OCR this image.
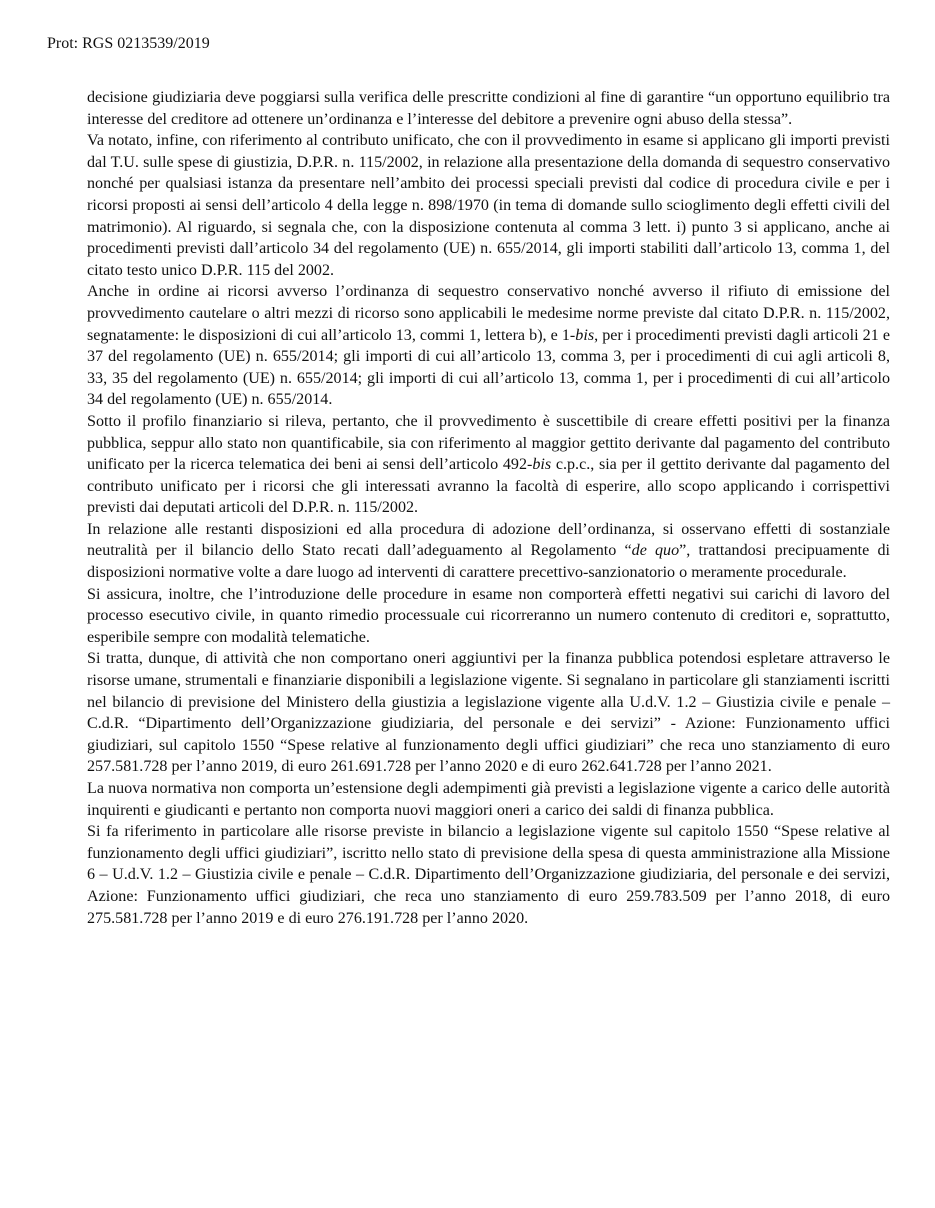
Prot: RGS 0213539/2019

decisione giudiziaria deve poggiarsi sulla verifica delle prescritte condizioni al fine di garantire “un opportuno equilibrio tra interesse del creditore ad ottenere un’ordinanza e l’interesse del debitore a prevenire ogni abuso della stessa”.

Va notato, infine, con riferimento al contributo unificato, che con il provvedimento in esame si applicano gli importi previsti dal T.U. sulle spese di giustizia, D.P.R. n. 115/2002, in relazione alla presentazione della domanda di sequestro conservativo nonché per qualsiasi istanza da presentare nell’ambito dei processi speciali previsti dal codice di procedura civile e per i ricorsi proposti ai sensi dell’articolo 4 della legge n. 898/1970 (in tema di domande sullo scioglimento degli effetti civili del matrimonio). Al riguardo, si segnala che, con la disposizione contenuta al comma 3 lett. i) punto 3 si applicano, anche ai procedimenti previsti dall’articolo 34 del regolamento (UE) n. 655/2014, gli importi stabiliti dall’articolo 13, comma 1, del citato testo unico D.P.R. 115 del 2002.

Anche in ordine ai ricorsi avverso l’ordinanza di sequestro conservativo nonché avverso il rifiuto di emissione del provvedimento cautelare o altri mezzi di ricorso sono applicabili le medesime norme previste dal citato D.P.R. n. 115/2002, segnatamente: le disposizioni di cui all’articolo 13, commi 1, lettera b), e 1-bis, per i procedimenti previsti dagli articoli 21 e 37 del regolamento (UE) n. 655/2014; gli importi di cui all’articolo 13, comma 3, per i procedimenti di cui agli articoli 8, 33, 35 del regolamento (UE) n. 655/2014; gli importi di cui all’articolo 13, comma 1, per i procedimenti di cui all’articolo 34 del regolamento (UE) n. 655/2014.

Sotto il profilo finanziario si rileva, pertanto, che il provvedimento è suscettibile di creare effetti positivi per la finanza pubblica, seppur allo stato non quantificabile, sia con riferimento al maggior gettito derivante dal pagamento del contributo unificato per la ricerca telematica dei beni ai sensi dell’articolo 492-bis c.p.c., sia per il gettito derivante dal pagamento del contributo unificato per i ricorsi che gli interessati avranno la facoltà di esperire, allo scopo applicando i corrispettivi previsti dai deputati articoli del D.P.R. n. 115/2002.

In relazione alle restanti disposizioni ed alla procedura di adozione dell’ordinanza, si osservano effetti di sostanziale neutralità per il bilancio dello Stato recati dall’adeguamento al Regolamento “de quo”, trattandosi precipuamente di disposizioni normative volte a dare luogo ad interventi di carattere precettivo-sanzionatorio o meramente procedurale.

Si assicura, inoltre, che l’introduzione delle procedure in esame non comporterà effetti negativi sui carichi di lavoro del processo esecutivo civile, in quanto rimedio processuale cui ricorreranno un numero contenuto di creditori e, soprattutto, esperibile sempre con modalità telematiche.

Si tratta, dunque, di attività che non comportano oneri aggiuntivi per la finanza pubblica potendosi espletare attraverso le risorse umane, strumentali e finanziarie disponibili a legislazione vigente. Si segnalano in particolare gli stanziamenti iscritti nel bilancio di previsione del Ministero della giustizia a legislazione vigente alla U.d.V. 1.2 – Giustizia civile e penale – C.d.R. “Dipartimento dell’Organizzazione giudiziaria, del personale e dei servizi” - Azione: Funzionamento uffici giudiziari, sul capitolo 1550 “Spese relative al funzionamento degli uffici giudiziari” che reca uno stanziamento di euro 257.581.728 per l’anno 2019, di euro 261.691.728 per l’anno 2020 e di euro 262.641.728 per l’anno 2021.

La nuova normativa non comporta un’estensione degli adempimenti già previsti a legislazione vigente a carico delle autorità inquirenti e giudicanti e pertanto non comporta nuovi maggiori oneri a carico dei saldi di finanza pubblica.

Si fa riferimento in particolare alle risorse previste in bilancio a legislazione vigente sul capitolo 1550 “Spese relative al funzionamento degli uffici giudiziari”, iscritto nello stato di previsione della spesa di questa amministrazione alla Missione 6 – U.d.V. 1.2 – Giustizia civile e penale – C.d.R. Dipartimento dell’Organizzazione giudiziaria, del personale e dei servizi, Azione: Funzionamento uffici giudiziari, che reca uno stanziamento di euro 259.783.509 per l’anno 2018, di euro 275.581.728 per l’anno 2019 e di euro 276.191.728 per l’anno 2020.
